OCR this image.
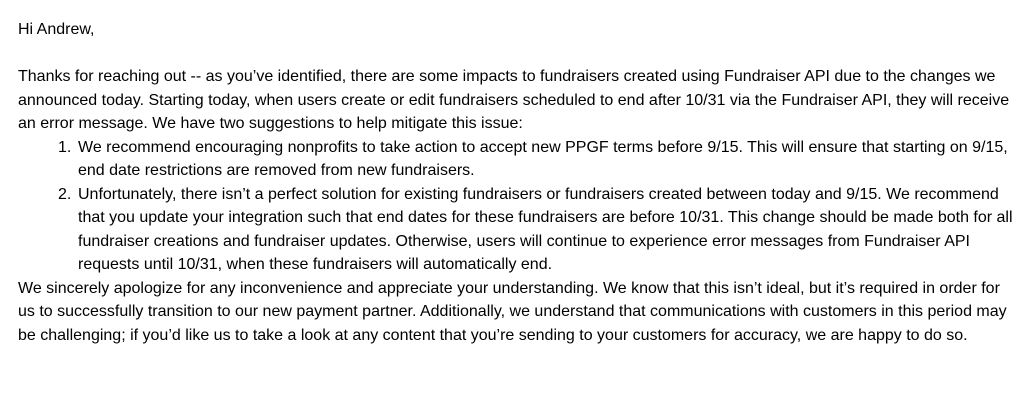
Hi Andrew,

Thanks for reaching out -- as you’ve identified, there are some impacts to fundraisers created using Fundraiser API due to the changes we announced today. Starting today, when users create or edit fundraisers scheduled to end after 10/31 via the Fundraiser API, they will receive an error message. We have two suggestions to help mitigate this issue:

1. We recommend encouraging nonprofits to take action to accept new PPGF terms before 9/15. This will ensure that starting on 9/15, end date restrictions are removed from new fundraisers.
2. Unfortunately, there isn’t a perfect solution for existing fundraisers or fundraisers created between today and 9/15. We recommend that you update your integration such that end dates for these fundraisers are before 10/31. This change should be made both for all fundraiser creations and fundraiser updates. Otherwise, users will continue to experience error messages from Fundraiser API requests until 10/31, when these fundraisers will automatically end.

We sincerely apologize for any inconvenience and appreciate your understanding. We know that this isn’t ideal, but it’s required in order for us to successfully transition to our new payment partner. Additionally, we understand that communications with customers in this period may be challenging; if you’d like us to take a look at any content that you’re sending to your customers for accuracy, we are happy to do so.
